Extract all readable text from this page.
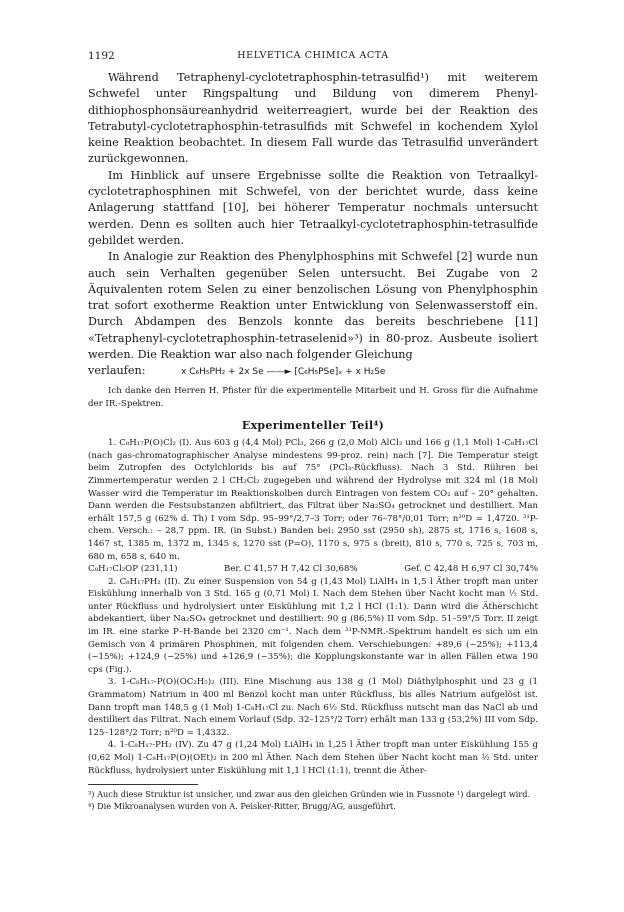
1192	HELVETICA CHIMICA ACTA

Während Tetraphenyl-cyclotetraphosphin-tetrasulfid¹) mit weiterem Schwefel unter Ringspaltung und Bildung von dimerem Phenyl-dithiophosphonsäureanhydrid weiterreagiert, wurde bei der Reaktion des Tetrabutyl-cyclotetraphosphin-tetrasulfids mit Schwefel in kochendem Xylol keine Reaktion beobachtet. In diesem Fall wurde das Tetrasulfid unverändert zurückgewonnen.

Im Hinblick auf unsere Ergebnisse sollte die Reaktion von Tetraalkyl-cyclotetraphosphinen mit Schwefel, von der berichtet wurde, dass keine Anlagerung stattfand [10], bei höherer Temperatur nochmals untersucht werden. Denn es sollten auch hier Tetraalkyl-cyclotetraphosphin-tetrasulfide gebildet werden.

In Analogie zur Reaktion des Phenylphosphins mit Schwefel [2] wurde nun auch sein Verhalten gegenüber Selen untersucht. Bei Zugabe von 2 Äquivalenten rotem Selen zu einer benzolischen Lösung von Phenylphosphin trat sofort exotherme Reaktion unter Entwicklung von Selenwasserstoff ein. Durch Abdampen des Benzols konnte das bereits beschriebene [11] «Tetraphenyl-cyclotetraphosphin-tetraselenid»³) in 80-proz. Ausbeute isoliert werden. Die Reaktion war also nach folgender Gleichung

verlaufen:	x C₆H₅PH₂ + 2x Se ——► [C₆H₅PSe]ₓ + x H₂Se

Ich danke den Herren H. Pfister für die experimentelle Mitarbeit und H. Gross für die Aufnahme der IR.-Spektren.

Experimenteller Teil⁴)

1. C₈H₁₇P(O)Cl₂ (I). Aus 603 g (4,4 Mol) PCl₃, 266 g (2,0 Mol) AlCl₃ und 166 g (1,1 Mol) 1-C₈H₁₇Cl (nach gas-chromatographischer Analyse mindestens 99-proz. rein) nach [7]. Die Temperatur steigt beim Zutropfen des Octylchlorids bis auf 75° (PCl₃-Rückfluss). Nach 3 Std. Rühren bei Zimmertemperatur werden 2 l CH₂Cl₂ zugegeben und während der Hydrolyse mit 324 ml (18 Mol) Wasser wird die Temperatur im Reaktionskolben durch Eintragen von festem CO₂ auf – 20° gehalten. Dann werden die Festsubstanzen abfiltriert, das Filtrat über Na₂SO₄ getrocknet und destilliert. Man erhält 157,5 g (62% d. Th) I vom Sdp. 95–99°/2,7–3 Torr; oder 76–78°/0,01 Torr; n²⁰D = 1,4720. ³¹P-chem. Versch.: – 28,7 ppm. IR. (in Subst.) Banden bei: 2950 sst (2950 sh), 2875 st, 1716 s, 1608 s, 1467 st, 1385 m, 1372 m, 1345 s, 1270 sst (P=O), 1170 s, 975 s (breit), 810 s, 770 s, 725 s, 703 m, 680 m, 658 s, 640 m.

C₈H₁₇Cl₂OP (231,11)	Ber. C 41,57 H 7,42 Cl 30,68%	Gef. C 42,48 H 6,97 Cl 30,74%

2. C₈H₁₇PH₂ (II). Zu einer Suspension von 54 g (1,43 Mol) LiAlH₄ in 1,5 l Äther tropft man unter Eiskühlung innerhalb von 3 Std. 165 g (0,71 Mol) I. Nach dem Stehen über Nacht kocht man ½ Std. unter Rückfluss und hydrolysiert unter Eiskühlung mit 1,2 l HCl (1:1). Dann wird die Ätherschicht abdekantiert, über Na₂SO₄ getrocknet und destilliert: 90 g (86,5%) II vom Sdp. 51–59°/5 Torr. II zeigt im IR. eine starke P–H-Bande bei 2320 cm⁻¹. Nach dem ³¹P-NMR.-Spektrum handelt es sich um ein Gemisch von 4 primären Phosphinen, mit folgenden chem. Verschiebungen: +89,6 (~25%); +113,4 (~15%); +124,9 (~25%) und +126,9 (~35%); die Kopplungskonstante war in allen Fällen etwa 190 cps (Fig.).

3. 1-C₈H₁₇-P(O)(OC₂H₅)₂ (III). Eine Mischung aus 138 g (1 Mol) Diäthylphosphit und 23 g (1 Grammatom) Natrium in 400 ml Benzol kocht man unter Rückfluss, bis alles Natrium aufgelöst ist. Dann tropft man 148,5 g (1 Mol) 1-C₈H₁₇Cl zu. Nach 6½ Std. Rückfluss nutscht man das NaCl ab und destilliert das Filtrat. Nach einem Vorlauf (Sdp. 32–125°/2 Torr) erhält man 133 g (53,2%) III vom Sdp. 125–128°/2 Torr; n²⁰D = 1,4332.

4. 1-C₈H₁₇-PH₂ (IV). Zu 47 g (1,24 Mol) LiAlH₄ in 1,25 l Äther tropft man unter Eiskühlung 155 g (0,62 Mol) 1-C₈H₁₇P(O)(OEt)₂ in 200 ml Äther. Nach dem Stehen über Nacht kocht man ½ Std. unter Rückfluss, hydrolysiert unter Eiskühlung mit 1,1 l HCl (1:1), trennt die Äther-

³) Auch diese Struktur ist unsicher, und zwar aus den gleichen Gründen wie in Fussnote ¹) dargelegt wird.

⁴) Die Mikroanalysen wurden von A. Peisker-Ritter, Brugg/AG, ausgeführt.
